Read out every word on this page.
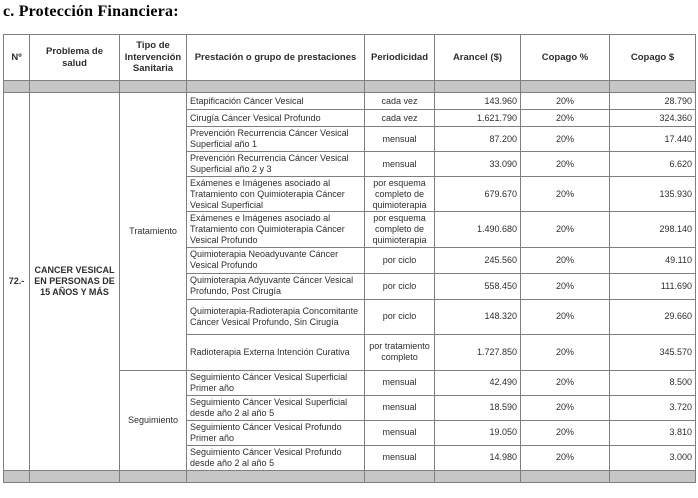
c. Protección Financiera:
Nº	Problema de salud	Tipo de Intervención Sanitaria	Prestación o grupo de prestaciones	Periodicidad	Arancel ($)	Copago %	Copago $

72.-	CANCER VESICAL EN PERSONAS DE 15 AÑOS Y MÁS	Tratamiento	Etapificación Cáncer Vesical	cada vez	143.960	20%	28.790
			Cirugía Cáncer Vesical Profundo	cada vez	1.621.790	20%	324.360
			Prevención Recurrencia Cáncer Vesical Superficial año 1	mensual	87.200	20%	17.440
			Prevención Recurrencia Cáncer Vesical Superficial año 2 y 3	mensual	33.090	20%	6.620
			Exámenes e Imágenes asociado al Tratamiento con Quimioterapia Cáncer Vesical Superficial	por esquema completo de quimioterapia	679.670	20%	135.930
			Exámenes e Imágenes asociado al Tratamiento con Quimioterapia Cáncer Vesical Profundo	por esquema completo de quimioterapia	1.490.680	20%	298.140
			Quimioterapia Neoadyuvante Cáncer Vesical Profundo	por ciclo	245.560	20%	49.110
			Quimioterapia Adyuvante Cáncer Vesical Profundo, Post Cirugía	por ciclo	558.450	20%	111.690
			Quimioterapia-Radioterapia Concomitante Cáncer Vesical Profundo, Sin Cirugía	por ciclo	148.320	20%	29.660
			Radioterapia Externa Intención Curativa	por tratamiento completo	1.727.850	20%	345.570
		Seguimiento	Seguimiento Cáncer Vesical Superficial Primer año	mensual	42.490	20%	8.500
			Seguimiento Cáncer Vesical Superficial desde año 2 al año 5	mensual	18.590	20%	3.720
			Seguimiento Cáncer Vesical Profundo Primer año	mensual	19.050	20%	3.810
			Seguimiento Cáncer Vesical Profundo desde año 2 al año 5	mensual	14.980	20%	3.000
